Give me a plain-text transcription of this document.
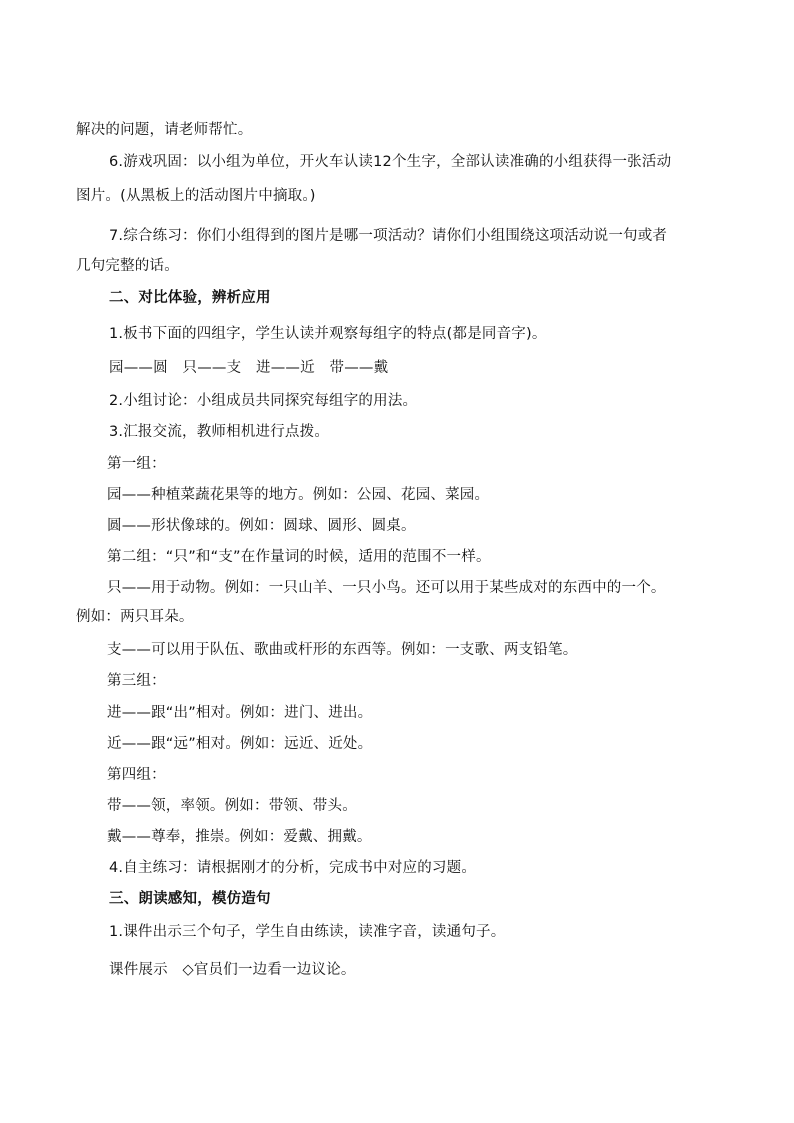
解决的问题，请老师帮忙。
6.游戏巩固：以小组为单位，开火车认读12个生字，全部认读准确的小组获得一张活动
图片。(从黑板上的活动图片中摘取。)
7.综合练习：你们小组得到的图片是哪一项活动？请你们小组围绕这项活动说一句或者
几句完整的话。
二、对比体验，辨析应用
1.板书下面的四组字，学生认读并观察每组字的特点(都是同音字)。
园——圆　只——支　进——近　带——戴
2.小组讨论：小组成员共同探究每组字的用法。
3.汇报交流，教师相机进行点拨。
第一组：
园——种植菜蔬花果等的地方。例如：公园、花园、菜园。
圆——形状像球的。例如：圆球、圆形、圆桌。
第二组：“只”和“支”在作量词的时候，适用的范围不一样。
只——用于动物。例如：一只山羊、一只小鸟。还可以用于某些成对的东西中的一个。
例如：两只耳朵。
支——可以用于队伍、歌曲或杆形的东西等。例如：一支歌、两支铅笔。
第三组：
进——跟“出”相对。例如：进门、进出。
近——跟“远”相对。例如：远近、近处。
第四组：
带——领，率领。例如：带领、带头。
戴——尊奉，推崇。例如：爱戴、拥戴。
4.自主练习：请根据刚才的分析，完成书中对应的习题。
三、朗读感知，模仿造句
1.课件出示三个句子，学生自由练读，读准字音，读通句子。
课件展示　◇官员们一边看一边议论。
